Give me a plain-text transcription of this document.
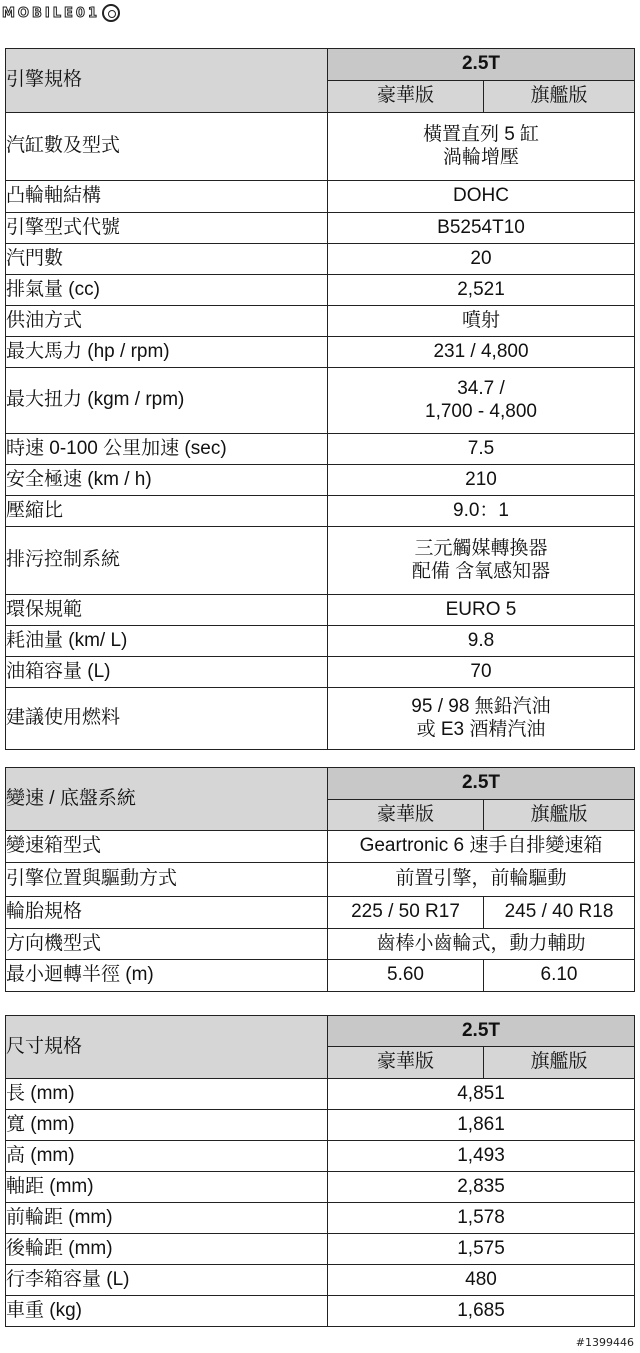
MOBILE01
引擎規格	2.5T	
	豪華版	旗艦版
汽缸數及型式	橫置直列 5 缸
渦輪增壓	

凸輪軸結構	DOHC	

引擎型式代號	B5254T10	

汽門數	20	

排氣量 (cc)	2,521	

供油方式	噴射	

最大馬力 (hp / rpm)	231 / 4,800	

最大扭力 (kgm / rpm)	34.7 /
1,700 - 4,800	

時速 0-100 公里加速 (sec)	7.5	

安全極速 (km / h)	210	

壓縮比	9.0：1	

排污控制系統	三元觸媒轉換器
配備 含氧感知器	

環保規範	EURO 5	

耗油量 (km/ L)	9.8	

油箱容量 (L)	70	

建議使用燃料	95 / 98 無鉛汽油
或 E3 酒精汽油	
變速 / 底盤系統	2.5T	
	豪華版	旗艦版
變速箱型式	Geartronic 6 速手自排變速箱	
引擎位置與驅動方式	前置引擎，前輪驅動	
輪胎規格	225 / 50 R17	245 / 40 R18
方向機型式	齒棒小齒輪式，動力輔助	
最小迴轉半徑 (m)	5.60	6.10
尺寸規格	2.5T	
	豪華版	旗艦版
長 (mm)	4,851	
寬 (mm)	1,861	
高 (mm)	1,493	
軸距 (mm)	2,835	
前輪距 (mm)	1,578	
後輪距 (mm)	1,575	
行李箱容量 (L)	480	
車重 (kg)	1,685	
#1399446
